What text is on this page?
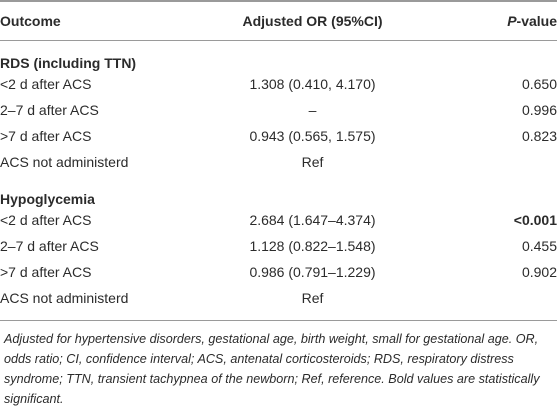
Outcome	Adjusted OR (95%CI)	P-value
RDS (including TTN)		
<2 d after ACS	1.308 (0.410, 4.170)	0.650
2–7 d after ACS	–	0.996
>7 d after ACS	0.943 (0.565, 1.575)	0.823
ACS not administerd	Ref	
Hypoglycemia		
<2 d after ACS	2.684 (1.647–4.374)	<0.001
2–7 d after ACS	1.128 (0.822–1.548)	0.455
>7 d after ACS	0.986 (0.791–1.229)	0.902
ACS not administerd	Ref	
Adjusted for hypertensive disorders, gestational age, birth weight, small for gestational age. OR, odds ratio; CI, confidence interval; ACS, antenatal corticosteroids; RDS, respiratory distress syndrome; TTN, transient tachypnea of the newborn; Ref, reference. Bold values are statistically significant.
